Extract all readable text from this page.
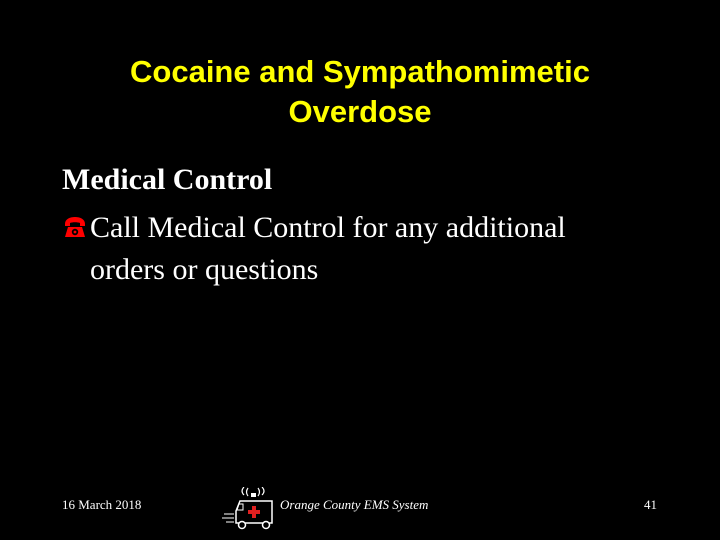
Cocaine and Sympathomimetic
Overdose
Medical Control
Call Medical Control for any additional
orders or questions
16 March 2018	Orange County EMS System	41
